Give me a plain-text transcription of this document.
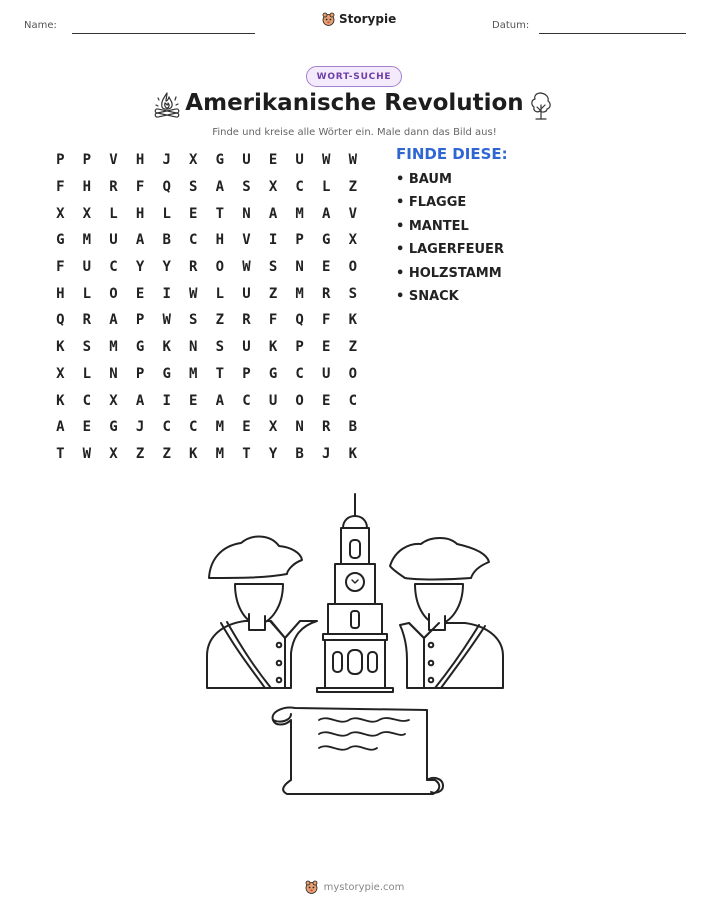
Name:	Storypie	Datum:
WORT-SUCHE
Amerikanische Revolution
Finde und kreise alle Wörter ein. Male dann das Bild aus!
P	P	V	H	J	X	G	U	E	U	W	W
F	H	R	F	Q	S	A	S	X	C	L	Z
X	X	L	H	L	E	T	N	A	M	A	V
G	M	U	A	B	C	H	V	I	P	G	X
F	U	C	Y	Y	R	O	W	S	N	E	O
H	L	O	E	I	W	L	U	Z	M	R	S
Q	R	A	P	W	S	Z	R	F	Q	F	K
K	S	M	G	K	N	S	U	K	P	E	Z
X	L	N	P	G	M	T	P	G	C	U	O
K	C	X	A	I	E	A	C	U	O	E	C
A	E	G	J	C	C	M	E	X	N	R	B
T	W	X	Z	Z	K	M	T	Y	B	J	K
FINDE DIESE:
• BAUM
• FLAGGE
• MANTEL
• LAGERFEUER
• HOLZSTAMM
• SNACK
mystorypie.com
